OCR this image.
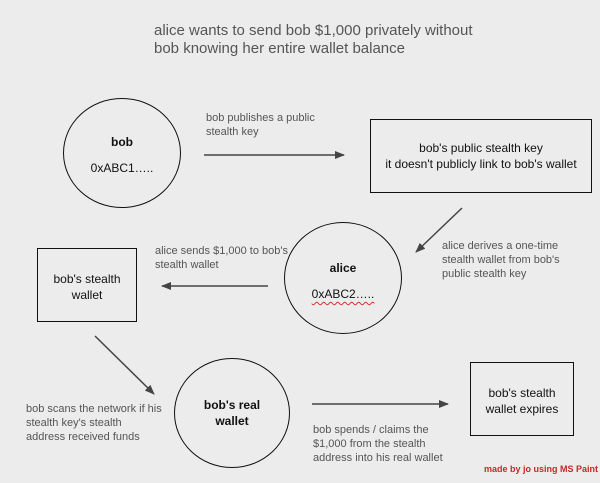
alice wants to send bob $1,000 privately without
bob knowing her entire wallet balance
bob
0xABC1…..
bob's public stealth key
it doesn't publicly link to bob's wallet
alice
0xABC2…..
bob's stealth
wallet
bob's real
wallet
bob's stealth
wallet expires
bob publishes a public
stealth key
alice derives a one-time
stealth wallet from bob's
public stealth key
alice sends $1,000 to bob's
stealth wallet
bob scans the network if his
stealth key's stealth
address received funds
bob spends / claims the
$1,000 from the stealth
address into his real wallet
made by jo using MS Paint
